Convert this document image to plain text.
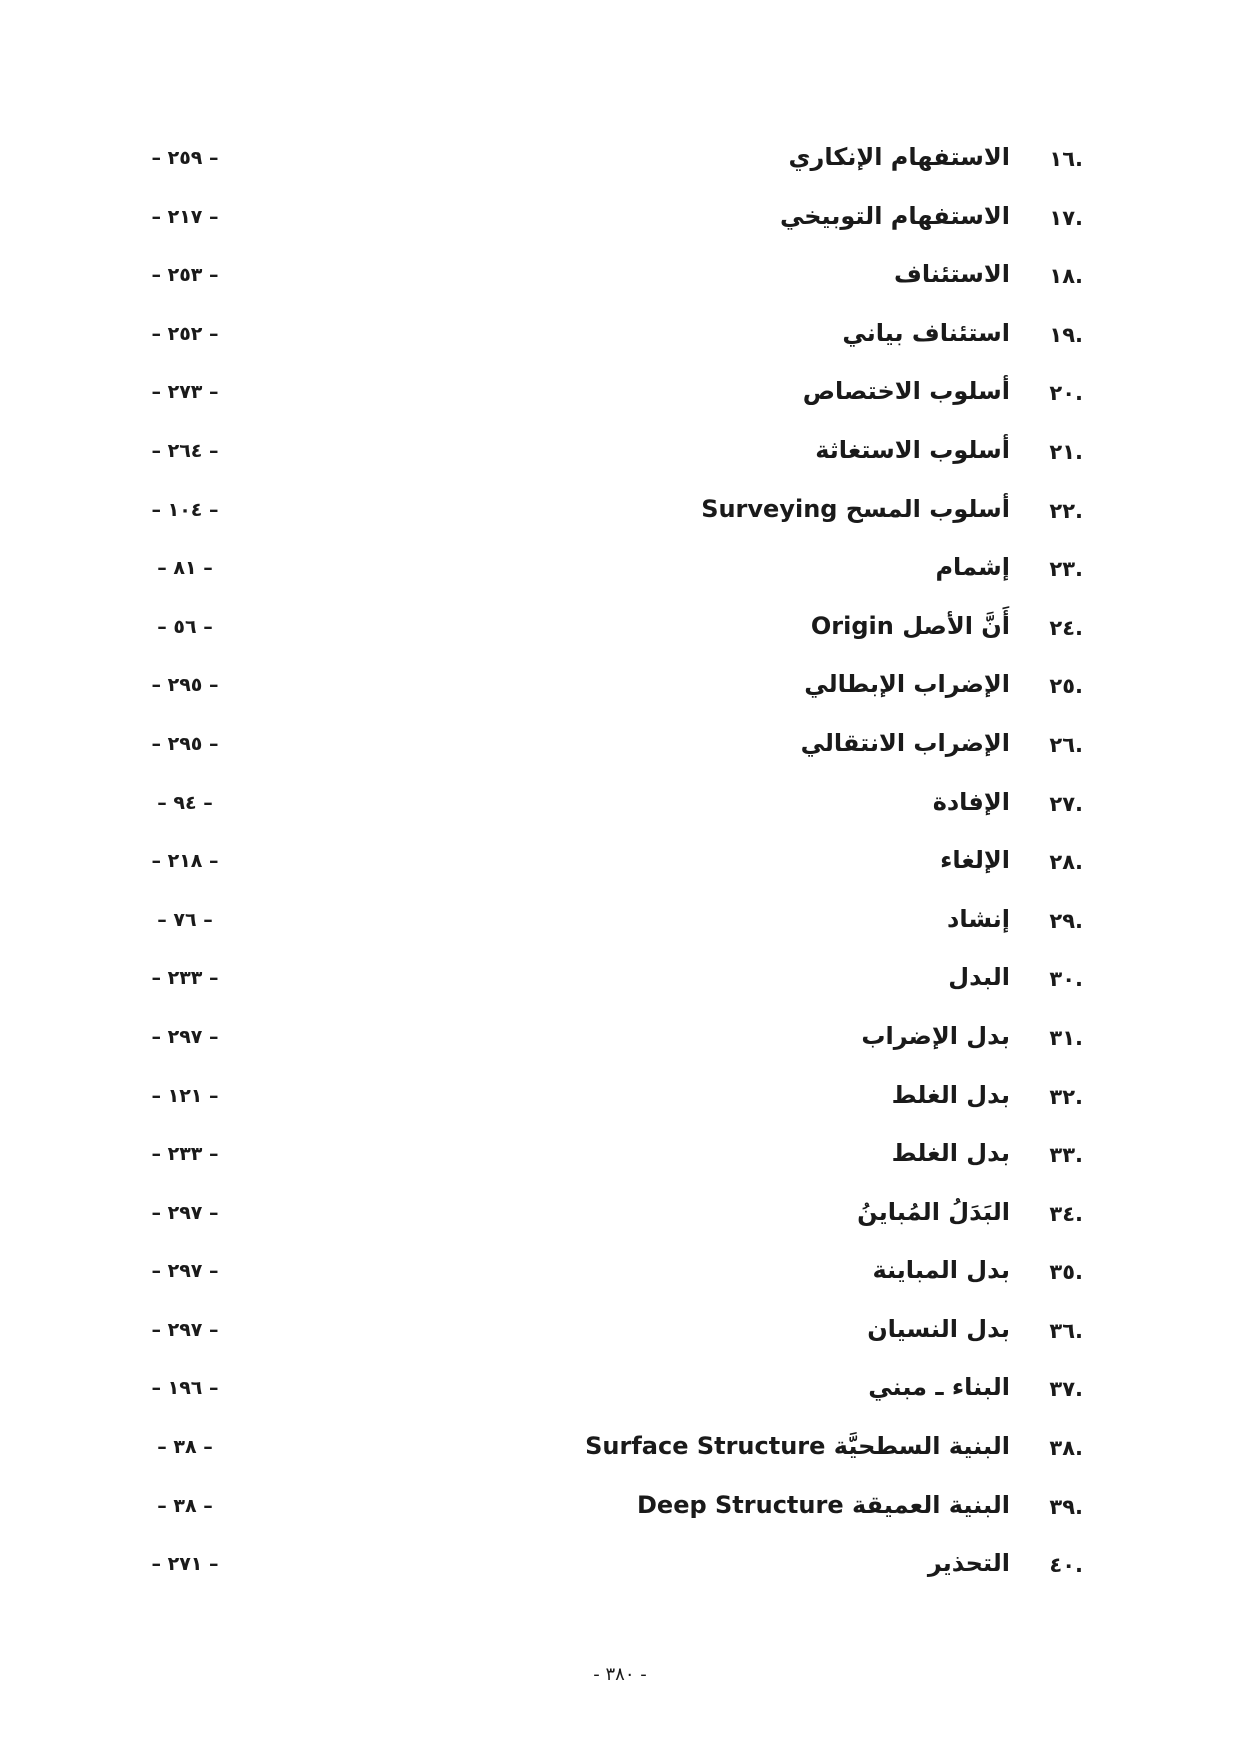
.١٦
الاستفهام الإنكاري
– ٢٥٩ –
.١٧
الاستفهام التوبيخي
– ٢١٧ –
.١٨
الاستئناف
– ٢٥٣ –
.١٩
استئناف بياني
– ٢٥٢ –
.٢٠
أسلوب الاختصاص
– ٢٧٣ –
.٢١
أسلوب الاستغاثة
– ٢٦٤ –
.٢٢
أسلوب المسح Surveying
– ١٠٤ –
.٢٣
إشمام
– ٨١ –
.٢٤
أَنَّ الأصل Origin
– ٥٦ –
.٢٥
الإضراب الإبطالي
– ٢٩٥ –
.٢٦
الإضراب الانتقالي
– ٢٩٥ –
.٢٧
الإفادة
– ٩٤ –
.٢٨
الإلغاء
– ٢١٨ –
.٢٩
إنشاد
– ٧٦ –
.٣٠
البدل
– ٢٣٣ –
.٣١
بدل الإضراب
– ٢٩٧ –
.٣٢
بدل الغلط
– ١٢١ –
.٣٣
بدل الغلط
– ٢٣٣ –
.٣٤
البَدَلُ المُباينُ
– ٢٩٧ –
.٣٥
بدل المباينة
– ٢٩٧ –
.٣٦
بدل النسيان
– ٢٩٧ –
.٣٧
البناء ـ مبني
– ١٩٦ –
.٣٨
البنية السطحيَّة Surface Structure
– ٣٨ –
.٣٩
البنية العميقة Deep Structure
– ٣٨ –
.٤٠
التحذير
– ٢٧١ –
- ٣٨٠ -
